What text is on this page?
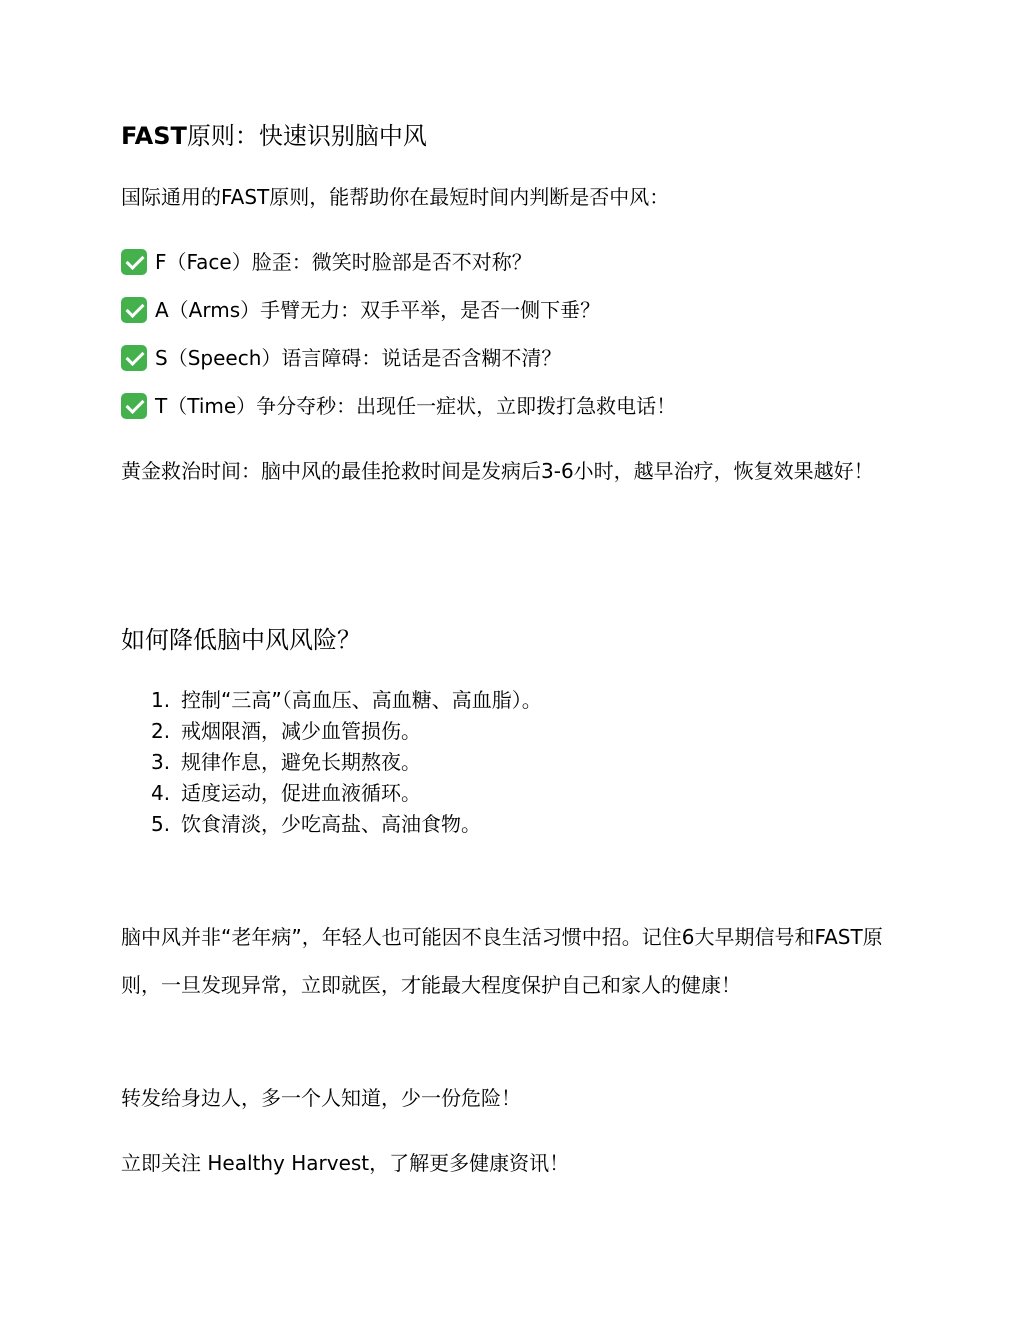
FAST原则：快速识别脑中风
国际通用的FAST原则，能帮助你在最短时间内判断是否中风：
F（Face）脸歪：微笑时脸部是否不对称？
A（Arms）手臂无力：双手平举，是否一侧下垂？
S（Speech）语言障碍：说话是否含糊不清？
T（Time）争分夺秒：出现任一症状，立即拨打急救电话！
黄金救治时间：脑中风的最佳抢救时间是发病后3-6小时，越早治疗，恢复效果越好！
如何降低脑中风风险？
1. 控制“三高”（高血压、高血糖、高血脂）。
2. 戒烟限酒，减少血管损伤。
3. 规律作息，避免长期熬夜。
4. 适度运动，促进血液循环。
5. 饮食清淡，少吃高盐、高油食物。
脑中风并非“老年病”，年轻人也可能因不良生活习惯中招。记住6大早期信号和FAST原则，一旦发现异常，立即就医，才能最大程度保护自己和家人的健康！
转发给身边人，多一个人知道，少一份危险！
立即关注 Healthy Harvest，了解更多健康资讯！
